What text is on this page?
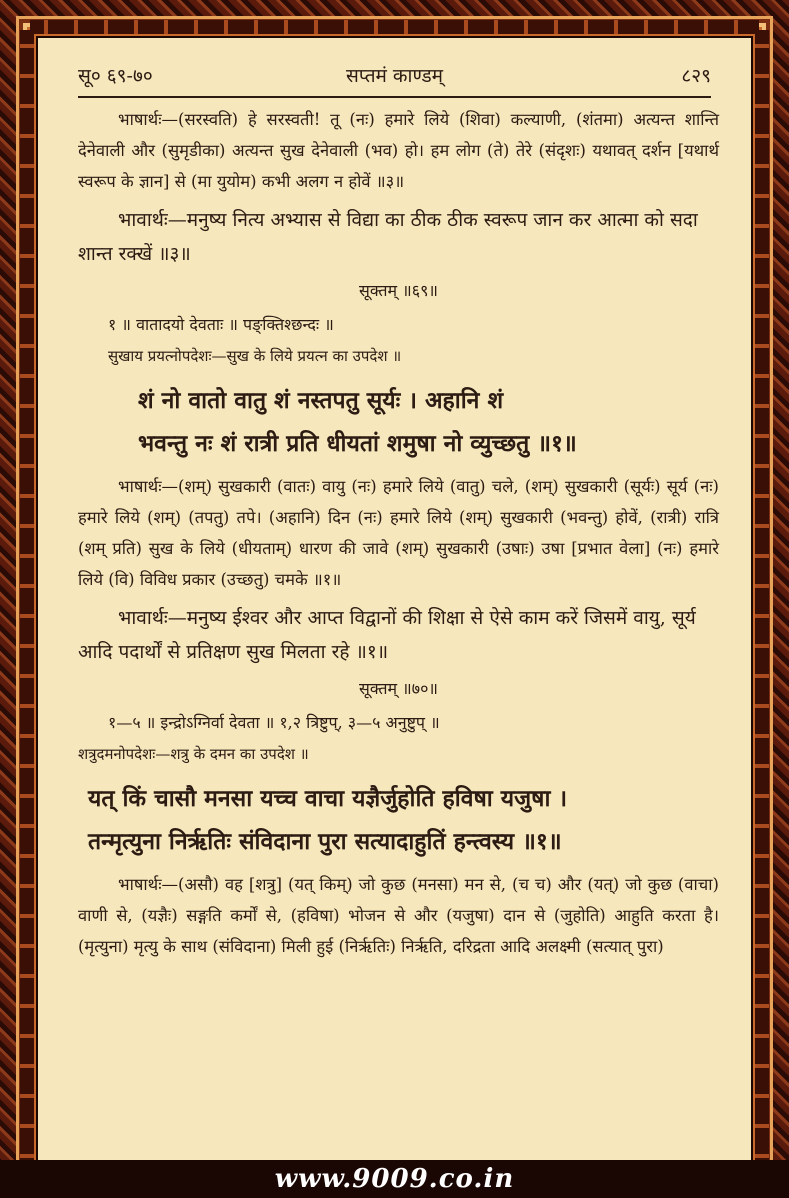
सू० ६९-७०	सप्तमं काण्डम्	८२९

भाषार्थः—(सरस्वति) हे सरस्वती! तू (नः) हमारे लिये (शिवा) कल्याणी, (शंतमा) अत्यन्त शान्ति देनेवाली और (सुमृडीका) अत्यन्त सुख देनेवाली (भव) हो। हम लोग (ते) तेरे (संदृशः) यथावत् दर्शन [यथार्थ स्वरूप के ज्ञान] से (मा युयोम) कभी अलग न होवें ॥३॥

भावार्थः—मनुष्य नित्य अभ्यास से विद्या का ठीक ठीक स्वरूप जान कर आत्मा को सदा शान्त रक्खें ॥३॥

सूक्तम् ॥६९॥

१ ॥ वातादयो देवताः ॥ पङ्क्तिश्छन्दः ॥

सुखाय प्रयत्नोपदेशः—सुख के लिये प्रयत्न का उपदेश ॥

शं नो वातो वातु शं नस्तपतु सूर्यः । अहानि शं

भवन्तु नः शं रात्री प्रति धीयतां शमुषा नो व्युच्छतु ॥१॥

भाषार्थः—(शम्) सुखकारी (वातः) वायु (नः) हमारे लिये (वातु) चले, (शम्) सुखकारी (सूर्यः) सूर्य (नः) हमारे लिये (शम्) (तपतु) तपे। (अहानि) दिन (नः) हमारे लिये (शम्) सुखकारी (भवन्तु) होवें, (रात्री) रात्रि (शम् प्रति) सुख के लिये (धीयताम्) धारण की जावे (शम्) सुखकारी (उषाः) उषा [प्रभात वेला] (नः) हमारे लिये (वि) विविध प्रकार (उच्छतु) चमके ॥१॥

भावार्थः—मनुष्य ईश्वर और आप्त विद्वानों की शिक्षा से ऐसे काम करें जिसमें वायु, सूर्य आदि पदार्थों से प्रतिक्षण सुख मिलता रहे ॥१॥

सूक्तम् ॥७०॥

१—५ ॥ इन्द्रोऽग्निर्वा देवता ॥ १,२ त्रिष्टुप्, ३—५ अनुष्टुप् ॥

शत्रुदमनोपदेशः—शत्रु के दमन का उपदेश ॥

यत् किं चासौ मनसा यच्च वाचा यज्ञैर्जुहोति हविषा यजुषा ।

तन्मृत्युना निर्ऋतिः संविदाना पुरा सत्यादाहुतिं हन्त्वस्य ॥१॥

भाषार्थः—(असौ) वह [शत्रु] (यत् किम्) जो कुछ (मनसा) मन से, (च च) और (यत्) जो कुछ (वाचा) वाणी से, (यज्ञैः) सङ्गति कर्मों से, (हविषा) भोजन से और (यजुषा) दान से (जुहोति) आहुति करता है। (मृत्युना) मृत्यु के साथ (संविदाना) मिली हुई (निर्ऋतिः) निर्ऋति, दरिद्रता आदि अलक्ष्मी (सत्यात् पुरा)

www.9009.co.in
